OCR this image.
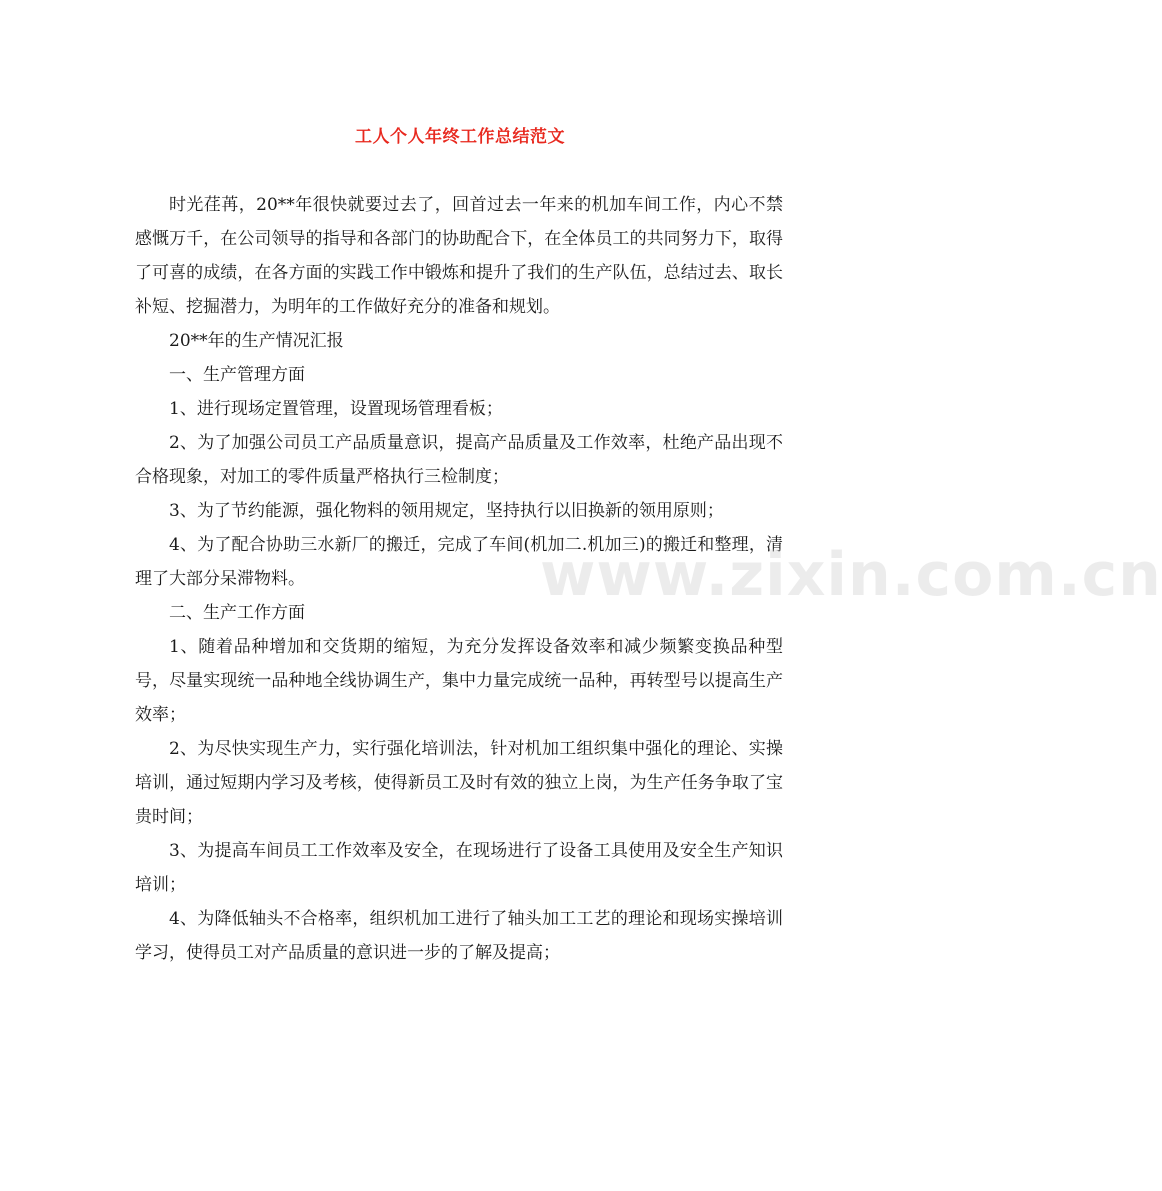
工人个人年终工作总结范文

时光荏苒，20**年很快就要过去了，回首过去一年来的机加车间工作，内心不禁感慨万千，在公司领导的指导和各部门的协助配合下，在全体员工的共同努力下，取得了可喜的成绩，在各方面的实践工作中锻炼和提升了我们的生产队伍，总结过去、取长补短、挖掘潜力，为明年的工作做好充分的准备和规划。

20**年的生产情况汇报

一、生产管理方面

1、进行现场定置管理，设置现场管理看板；

2、为了加强公司员工产品质量意识，提高产品质量及工作效率，杜绝产品出现不合格现象，对加工的零件质量严格执行三检制度；

3、为了节约能源，强化物料的领用规定，坚持执行以旧换新的领用原则；

4、为了配合协助三水新厂的搬迁，完成了车间(机加二.机加三)的搬迁和整理，清理了大部分呆滞物料。

二、生产工作方面

1、随着品种增加和交货期的缩短，为充分发挥设备效率和减少频繁变换品种型号，尽量实现统一品种地全线协调生产，集中力量完成统一品种，再转型号以提高生产效率；

2、为尽快实现生产力，实行强化培训法，针对机加工组织集中强化的理论、实操培训，通过短期内学习及考核，使得新员工及时有效的独立上岗，为生产任务争取了宝贵时间；

3、为提高车间员工工作效率及安全，在现场进行了设备工具使用及安全生产知识培训；

4、为降低轴头不合格率，组织机加工进行了轴头加工工艺的理论和现场实操培训学习，使得员工对产品质量的意识进一步的了解及提高；

www.zixin.com.cn
